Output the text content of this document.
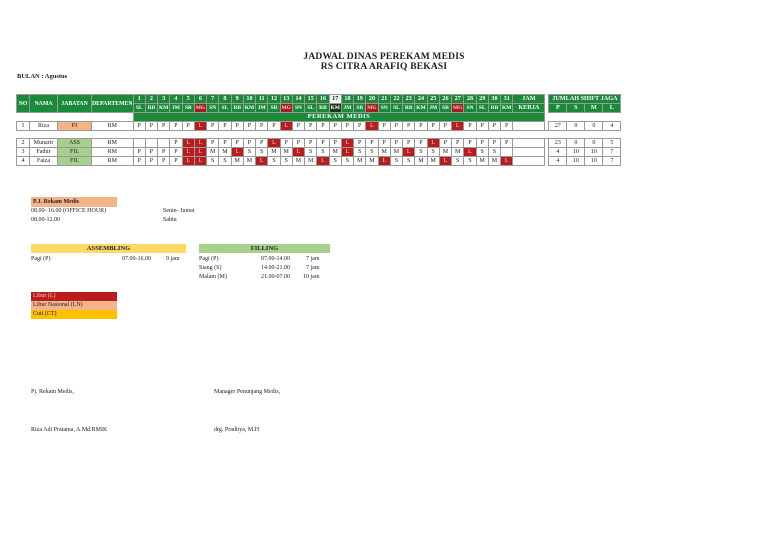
JADWAL DINAS PEREKAM MEDIS
RS CITRA ARAFIQ BEKASI
BULAN : Agustus
NO	NAMA	JABATAN	DEPARTEMEN	1	2	3	4	5	6	7	8	9	10	11	12	13	14	15	16	17	18	19	20	21	22	23	24	25	26	27	28	29	30	31	JAM		JUMLAH SHIFT JAGA			
				SL	RB	KM	JM	SB	MG	SN	SL	RB	KM	JM	SB	MG	SN	SL	RB	KM	JM	SB	MG	SN	SL	RB	KM	JM	SB	MG	SN	SL	RB	KM	KERJA		P	S	M	L
				PEREKAM MEDIS																																				
1	Riza	PJ	RM	P	P	P	P	P	L	P	P	P	P	P	P	L	P	P	P	P	P	P	L	P	P	P	P	P	P	L	P	P	P	P			27	0	0	4

2	Munarir	ASS	RM				P	L	L	P	P	P	P	P	L	P	P	P	P	P	L	P	P	P	P	P	P	L	P	P	P	P	P	P			23	0	0	5
3	Fathir	FIL	RM	P	P	P	P	L	L	M	M	L	S	S	M	M	L	S	S	M	L	S	S	M	M	L	S	S	M	M	L	S	S				4	10	10	7
4	Faiza	FIL	RM	P	P	P	P	L	L	S	S	M	M	L	S	S	M	M	L	S	S	M	M	L	S	S	M	M	L	S	S	M	M	L			4	10	10	7
P.J. Rekam Medis
08.00- 16.00 (OFFICE HOUR)	Senin- Jumat
08.00-12.00	Sabtu
ASSEMBLING
Pagi (P)	07.00-16.00	9 jam
FILLING
Pagi (P)	07.00-14.00	7 jam
Siang (S)	14.00-21.00	7 jam
Malam (M)	21.00-07.00 10 jam
Libur (L)
Libur Nasional (LN)
Cuti (CT)
Pj. Rekam Medis,	Manager Penunjang Medis,
Riza Adi Pratama, A.Md.RMIK	drg. Praditya, M.H
